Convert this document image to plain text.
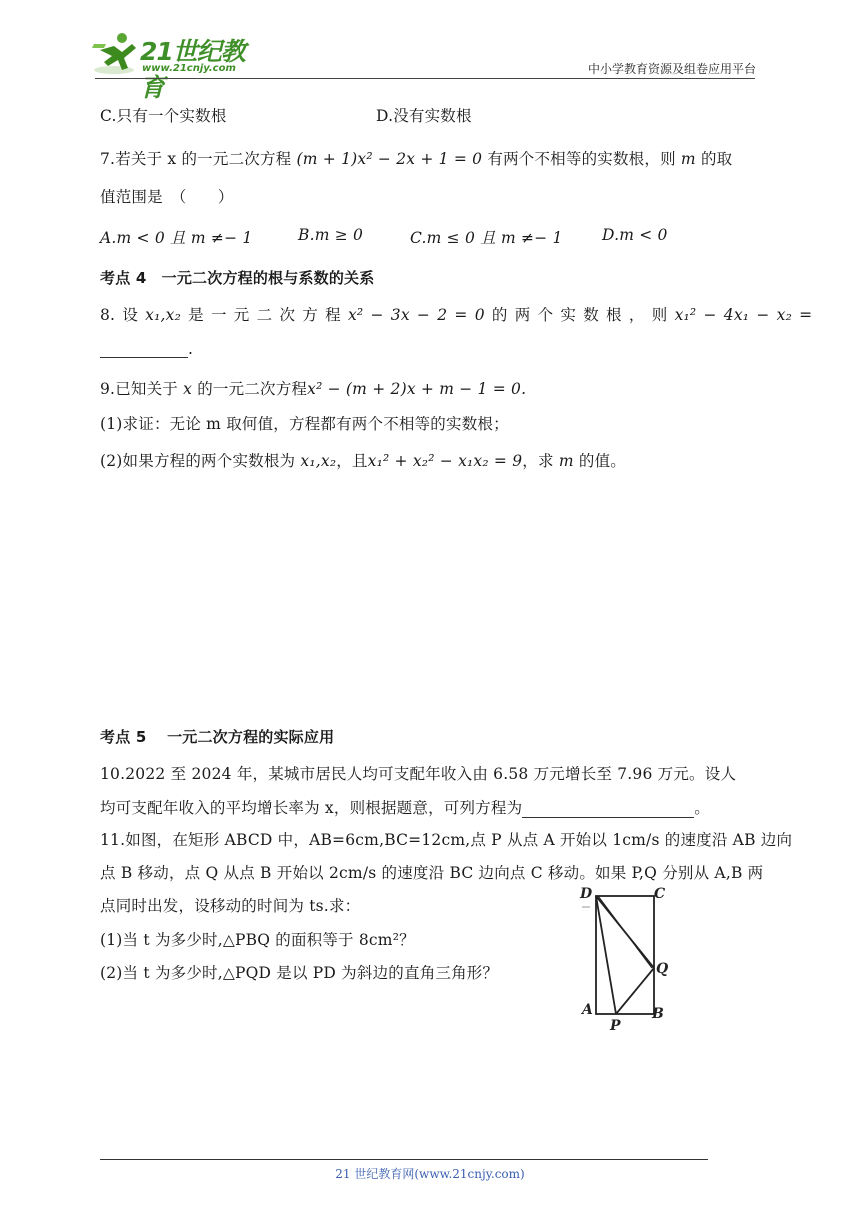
21世纪教育
www.21cnjy.com	中小学教育资源及组卷应用平台
C.只有一个实数根	D.没有实数根
7.若关于 x 的一元二次方程 (m + 1)x² − 2x + 1 = 0 有两个不相等的实数根，则 m 的取
值范围是　（　　）
A.m < 0 且 m ≠− 1	B.m ≥ 0	C.m ≤ 0 且 m ≠− 1	D.m < 0
考点 4　一元二次方程的根与系数的关系
8. 设 x₁,x₂ 是 一 元 二 次 方 程 x² − 3x − 2 = 0 的 两 个 实 数 根 ， 则 x₁² − 4x₁ − x₂ =
.
9.已知关于 x 的一元二次方程x² − (m + 2)x + m − 1 = 0.
(1)求证：无论 m 取何值，方程都有两个不相等的实数根；
(2)如果方程的两个实数根为 x₁,x₂，且x₁² + x₂² − x₁x₂ = 9，求 m 的值。
考点 5　 一元二次方程的实际应用
10.2022 至 2024 年，某城市居民人均可支配年收入由 6.58 万元增长至 7.96 万元。设人
均可支配年收入的平均增长率为 x，则根据题意，可列方程为	。
11.如图，在矩形 ABCD 中，AB=6cm,BC=12cm,点 P 从点 A 开始以 1cm/s 的速度沿 AB 边向
点 B 移动，点 Q 从点 B 开始以 2cm/s 的速度沿 BC 边向点 C 移动。如果 P,Q 分别从 A,B 两
点同时出发，设移动的时间为 ts.求：
(1)当 t 为多少时,△PBQ 的面积等于 8cm²？
(2)当 t 为多少时,△PQD 是以 PD 为斜边的直角三角形？
D	C
Q
A
P
B
21 世纪教育网(www.21cnjy.com)
